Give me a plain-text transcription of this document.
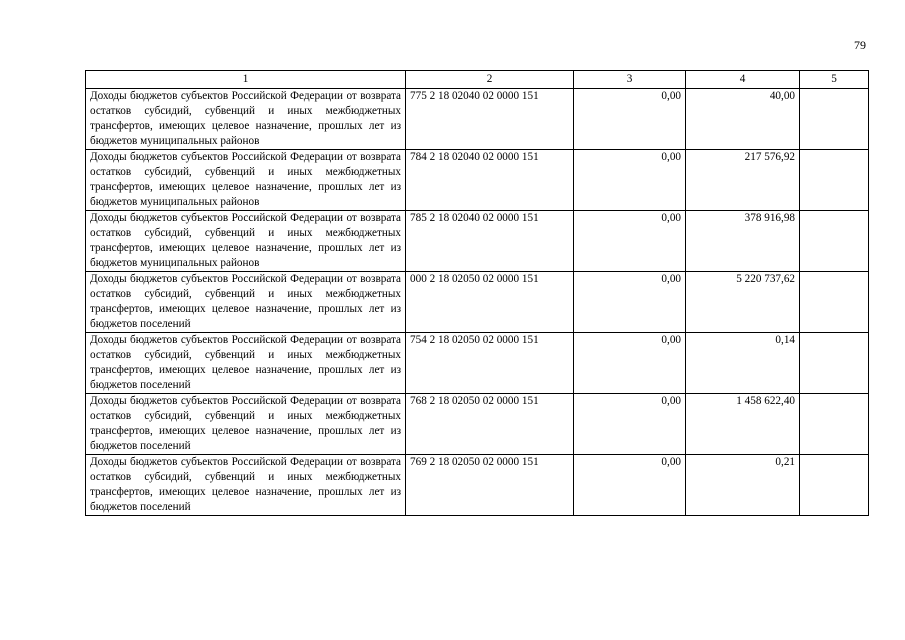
79
1	2	3	4	5
Доходы бюджетов субъектов Российской Федерации от возврата остатков субсидий, субвенций и иных межбюджетных трансфертов, имеющих целевое назначение, прошлых лет из бюджетов муниципальных районов	775 2 18 02040 02 0000 151	0,00	40,00	
Доходы бюджетов субъектов Российской Федерации от возврата остатков субсидий, субвенций и иных межбюджетных трансфертов, имеющих целевое назначение, прошлых лет из бюджетов муниципальных районов	784 2 18 02040 02 0000 151	0,00	217 576,92	
Доходы бюджетов субъектов Российской Федерации от возврата остатков субсидий, субвенций и иных межбюджетных трансфертов, имеющих целевое назначение, прошлых лет из бюджетов муниципальных районов	785 2 18 02040 02 0000 151	0,00	378 916,98	
Доходы бюджетов субъектов Российской Федерации от возврата остатков субсидий, субвенций и иных межбюджетных трансфертов, имеющих целевое назначение, прошлых лет из бюджетов поселений	000 2 18 02050 02 0000 151	0,00	5 220 737,62	
Доходы бюджетов субъектов Российской Федерации от возврата остатков субсидий, субвенций и иных межбюджетных трансфертов, имеющих целевое назначение, прошлых лет из бюджетов поселений	754 2 18 02050 02 0000 151	0,00	0,14	
Доходы бюджетов субъектов Российской Федерации от возврата остатков субсидий, субвенций и иных межбюджетных трансфертов, имеющих целевое назначение, прошлых лет из бюджетов поселений	768 2 18 02050 02 0000 151	0,00	1 458 622,40	
Доходы бюджетов субъектов Российской Федерации от возврата остатков субсидий, субвенций и иных межбюджетных трансфертов, имеющих целевое назначение, прошлых лет из бюджетов поселений	769 2 18 02050 02 0000 151	0,00	0,21	
